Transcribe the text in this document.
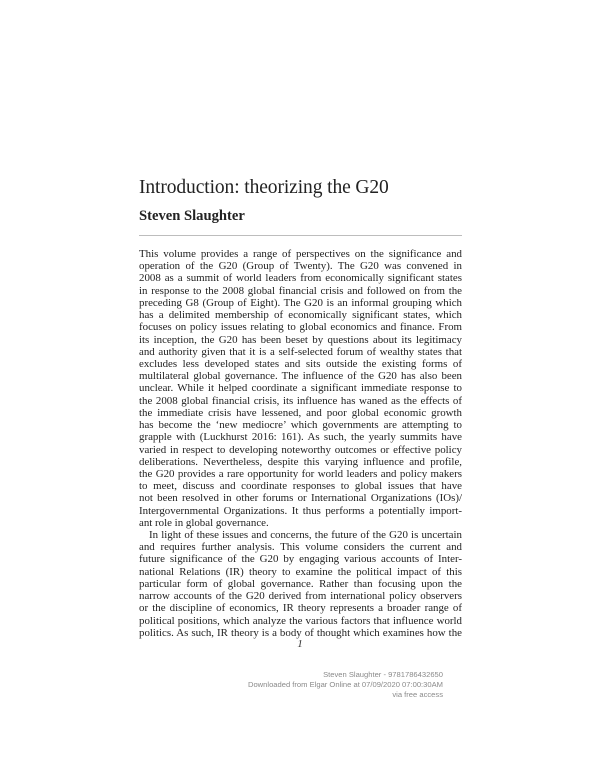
Introduction: theorizing the G20
Steven Slaughter
This volume provides a range of perspectives on the significance and
operation of the G20 (Group of Twenty). The G20 was convened in
2008 as a summit of world leaders from economically significant states
in response to the 2008 global financial crisis and followed on from the
preceding G8 (Group of Eight). The G20 is an informal grouping which
has a delimited membership of economically significant states, which
focuses on policy issues relating to global economics and finance. From
its inception, the G20 has been beset by questions about its legitimacy
and authority given that it is a self-selected forum of wealthy states that
excludes less developed states and sits outside the existing forms of
multilateral global governance. The influence of the G20 has also been
unclear. While it helped coordinate a significant immediate response to
the 2008 global financial crisis, its influence has waned as the effects of
the immediate crisis have lessened, and poor global economic growth
has become the ‘new mediocre’ which governments are attempting to
grapple with (Luckhurst 2016: 161). As such, the yearly summits have
varied in respect to developing noteworthy outcomes or effective policy
deliberations. Nevertheless, despite this varying influence and profile,
the G20 provides a rare opportunity for world leaders and policy makers
to meet, discuss and coordinate responses to global issues that have
not been resolved in other forums or International Organizations (IOs)/
Intergovernmental Organizations. It thus performs a potentially import-
ant role in global governance.
In light of these issues and concerns, the future of the G20 is uncertain
and requires further analysis. This volume considers the current and
future significance of the G20 by engaging various accounts of Inter-
national Relations (IR) theory to examine the political impact of this
particular form of global governance. Rather than focusing upon the
narrow accounts of the G20 derived from international policy observers
or the discipline of economics, IR theory represents a broader range of
political positions, which analyze the various factors that influence world
politics. As such, IR theory is a body of thought which examines how the
1
Steven Slaughter - 9781786432650
Downloaded from Elgar Online at 07/09/2020 07:00:30AM
via free access
